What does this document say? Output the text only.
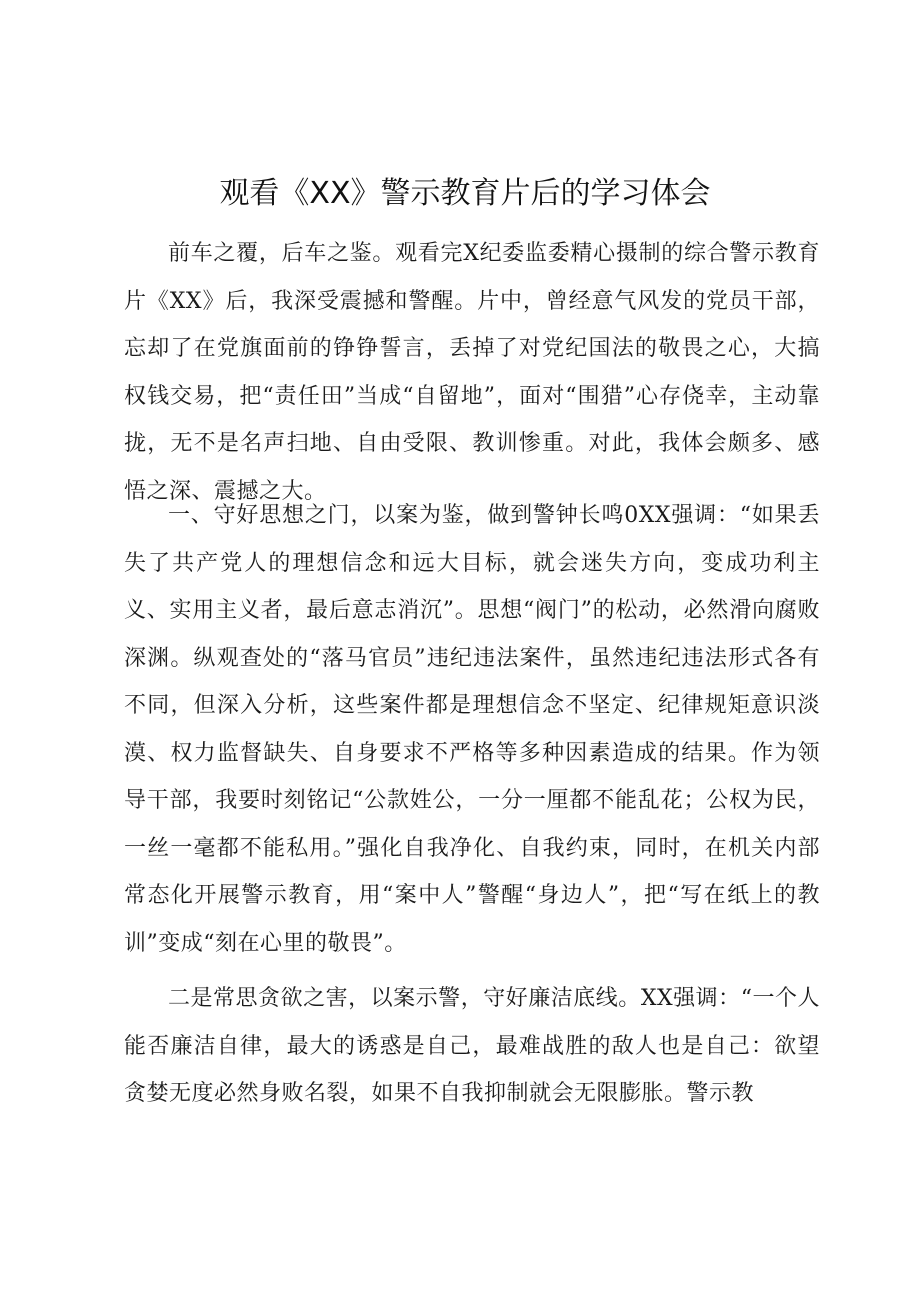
观看《XX》警示教育片后的学习体会

前车之覆，后车之鉴。观看完X纪委监委精心摄制的综合警示教育片《XX》后，我深受震撼和警醒。片中，曾经意气风发的党员干部，忘却了在党旗面前的铮铮誓言，丢掉了对党纪国法的敬畏之心，大搞权钱交易，把“责任田”当成“自留地”，面对“围猎”心存侥幸，主动靠拢，无不是名声扫地、自由受限、教训惨重。对此，我体会颇多、感悟之深、震撼之大。

一、守好思想之门，以案为鉴，做到警钟长鸣0XX强调：“如果丢失了共产党人的理想信念和远大目标，就会迷失方向，变成功利主义、实用主义者，最后意志消沉”。思想“阀门”的松动，必然滑向腐败深渊。纵观查处的“落马官员”违纪违法案件，虽然违纪违法形式各有不同，但深入分析，这些案件都是理想信念不坚定、纪律规矩意识淡漠、权力监督缺失、自身要求不严格等多种因素造成的结果。作为领导干部，我要时刻铭记“公款姓公，一分一厘都不能乱花；公权为民，一丝一毫都不能私用。”强化自我净化、自我约束，同时，在机关内部常态化开展警示教育，用“案中人”警醒“身边人”，把“写在纸上的教训”变成“刻在心里的敬畏”。

二是常思贪欲之害，以案示警，守好廉洁底线。XX强调：“一个人能否廉洁自律，最大的诱惑是自己，最难战胜的敌人也是自己：欲望贪婪无度必然身败名裂，如果不自我抑制就会无限膨胀。警示教
